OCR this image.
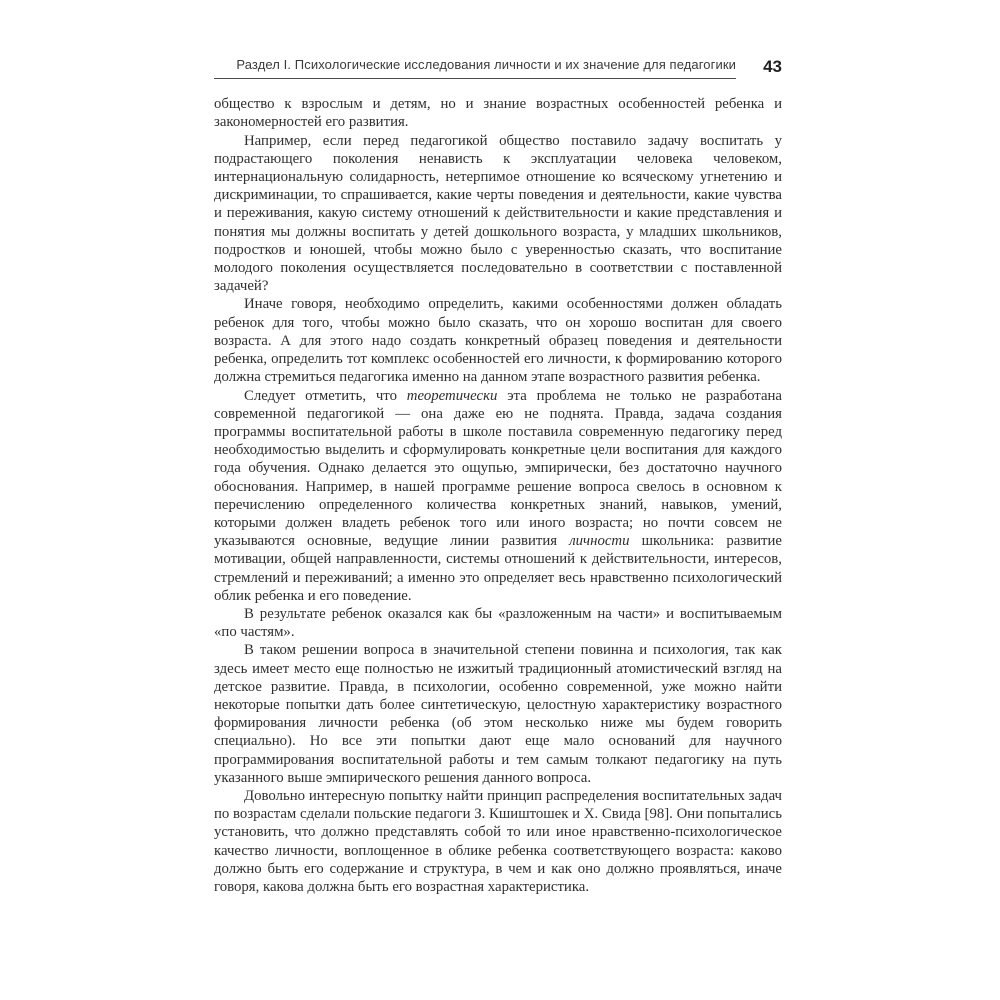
Раздел I. Психологические исследования личности и их значение для педагогики	43

общество к взрослым и детям, но и знание возрастных особенностей ребенка и закономерностей его развития.

Например, если перед педагогикой общество поставило задачу воспитать у подрастающего поколения ненависть к эксплуатации человека человеком, интернациональную солидарность, нетерпимое отношение ко всяческому угнетению и дискриминации, то спрашивается, какие черты поведения и деятельности, какие чувства и переживания, какую систему отношений к действительности и какие представления и понятия мы должны воспитать у детей дошкольного возраста, у младших школьников, подростков и юношей, чтобы можно было с уверенностью сказать, что воспитание молодого поколения осуществляется последовательно в соответствии с поставленной задачей?

Иначе говоря, необходимо определить, какими особенностями должен обладать ребенок для того, чтобы можно было сказать, что он хорошо воспитан для своего возраста. А для этого надо создать конкретный образец поведения и деятельности ребенка, определить тот комплекс особенностей его личности, к формированию которого должна стремиться педагогика именно на данном этапе возрастного развития ребенка.

Следует отметить, что теоретически эта проблема не только не разработана современной педагогикой — она даже ею не поднята. Правда, задача создания программы воспитательной работы в школе поставила современную педагогику перед необходимостью выделить и сформулировать конкретные цели воспитания для каждого года обучения. Однако делается это ощупью, эмпирически, без достаточно научного обоснования. Например, в нашей программе решение вопроса свелось в основном к перечислению определенного количества конкретных знаний, навыков, умений, которыми должен владеть ребенок того или иного возраста; но почти совсем не указываются основные, ведущие линии развития личности школьника: развитие мотивации, общей направленности, системы отношений к действительности, интересов, стремлений и переживаний; а именно это определяет весь нравственно психологический облик ребенка и его поведение.

В результате ребенок оказался как бы «разложенным на части» и воспитываемым «по частям».

В таком решении вопроса в значительной степени повинна и психология, так как здесь имеет место еще полностью не изжитый традиционный атомистический взгляд на детское развитие. Правда, в психологии, особенно современной, уже можно найти некоторые попытки дать более синтетическую, целостную характеристику возрастного формирования личности ребенка (об этом несколько ниже мы будем говорить специально). Но все эти попытки дают еще мало оснований для научного программирования воспитательной работы и тем самым толкают педагогику на путь указанного выше эмпирического решения данного вопроса.

Довольно интересную попытку найти принцип распределения воспитательных задач по возрастам сделали польские педагоги З. Кшиштошек и Х. Свида [98]. Они попытались установить, что должно представлять собой то или иное нравственно-психологическое качество личности, воплощенное в облике ребенка соответствующего возраста: каково должно быть его содержание и структура, в чем и как оно должно проявляться, иначе говоря, какова должна быть его возрастная характеристика.
